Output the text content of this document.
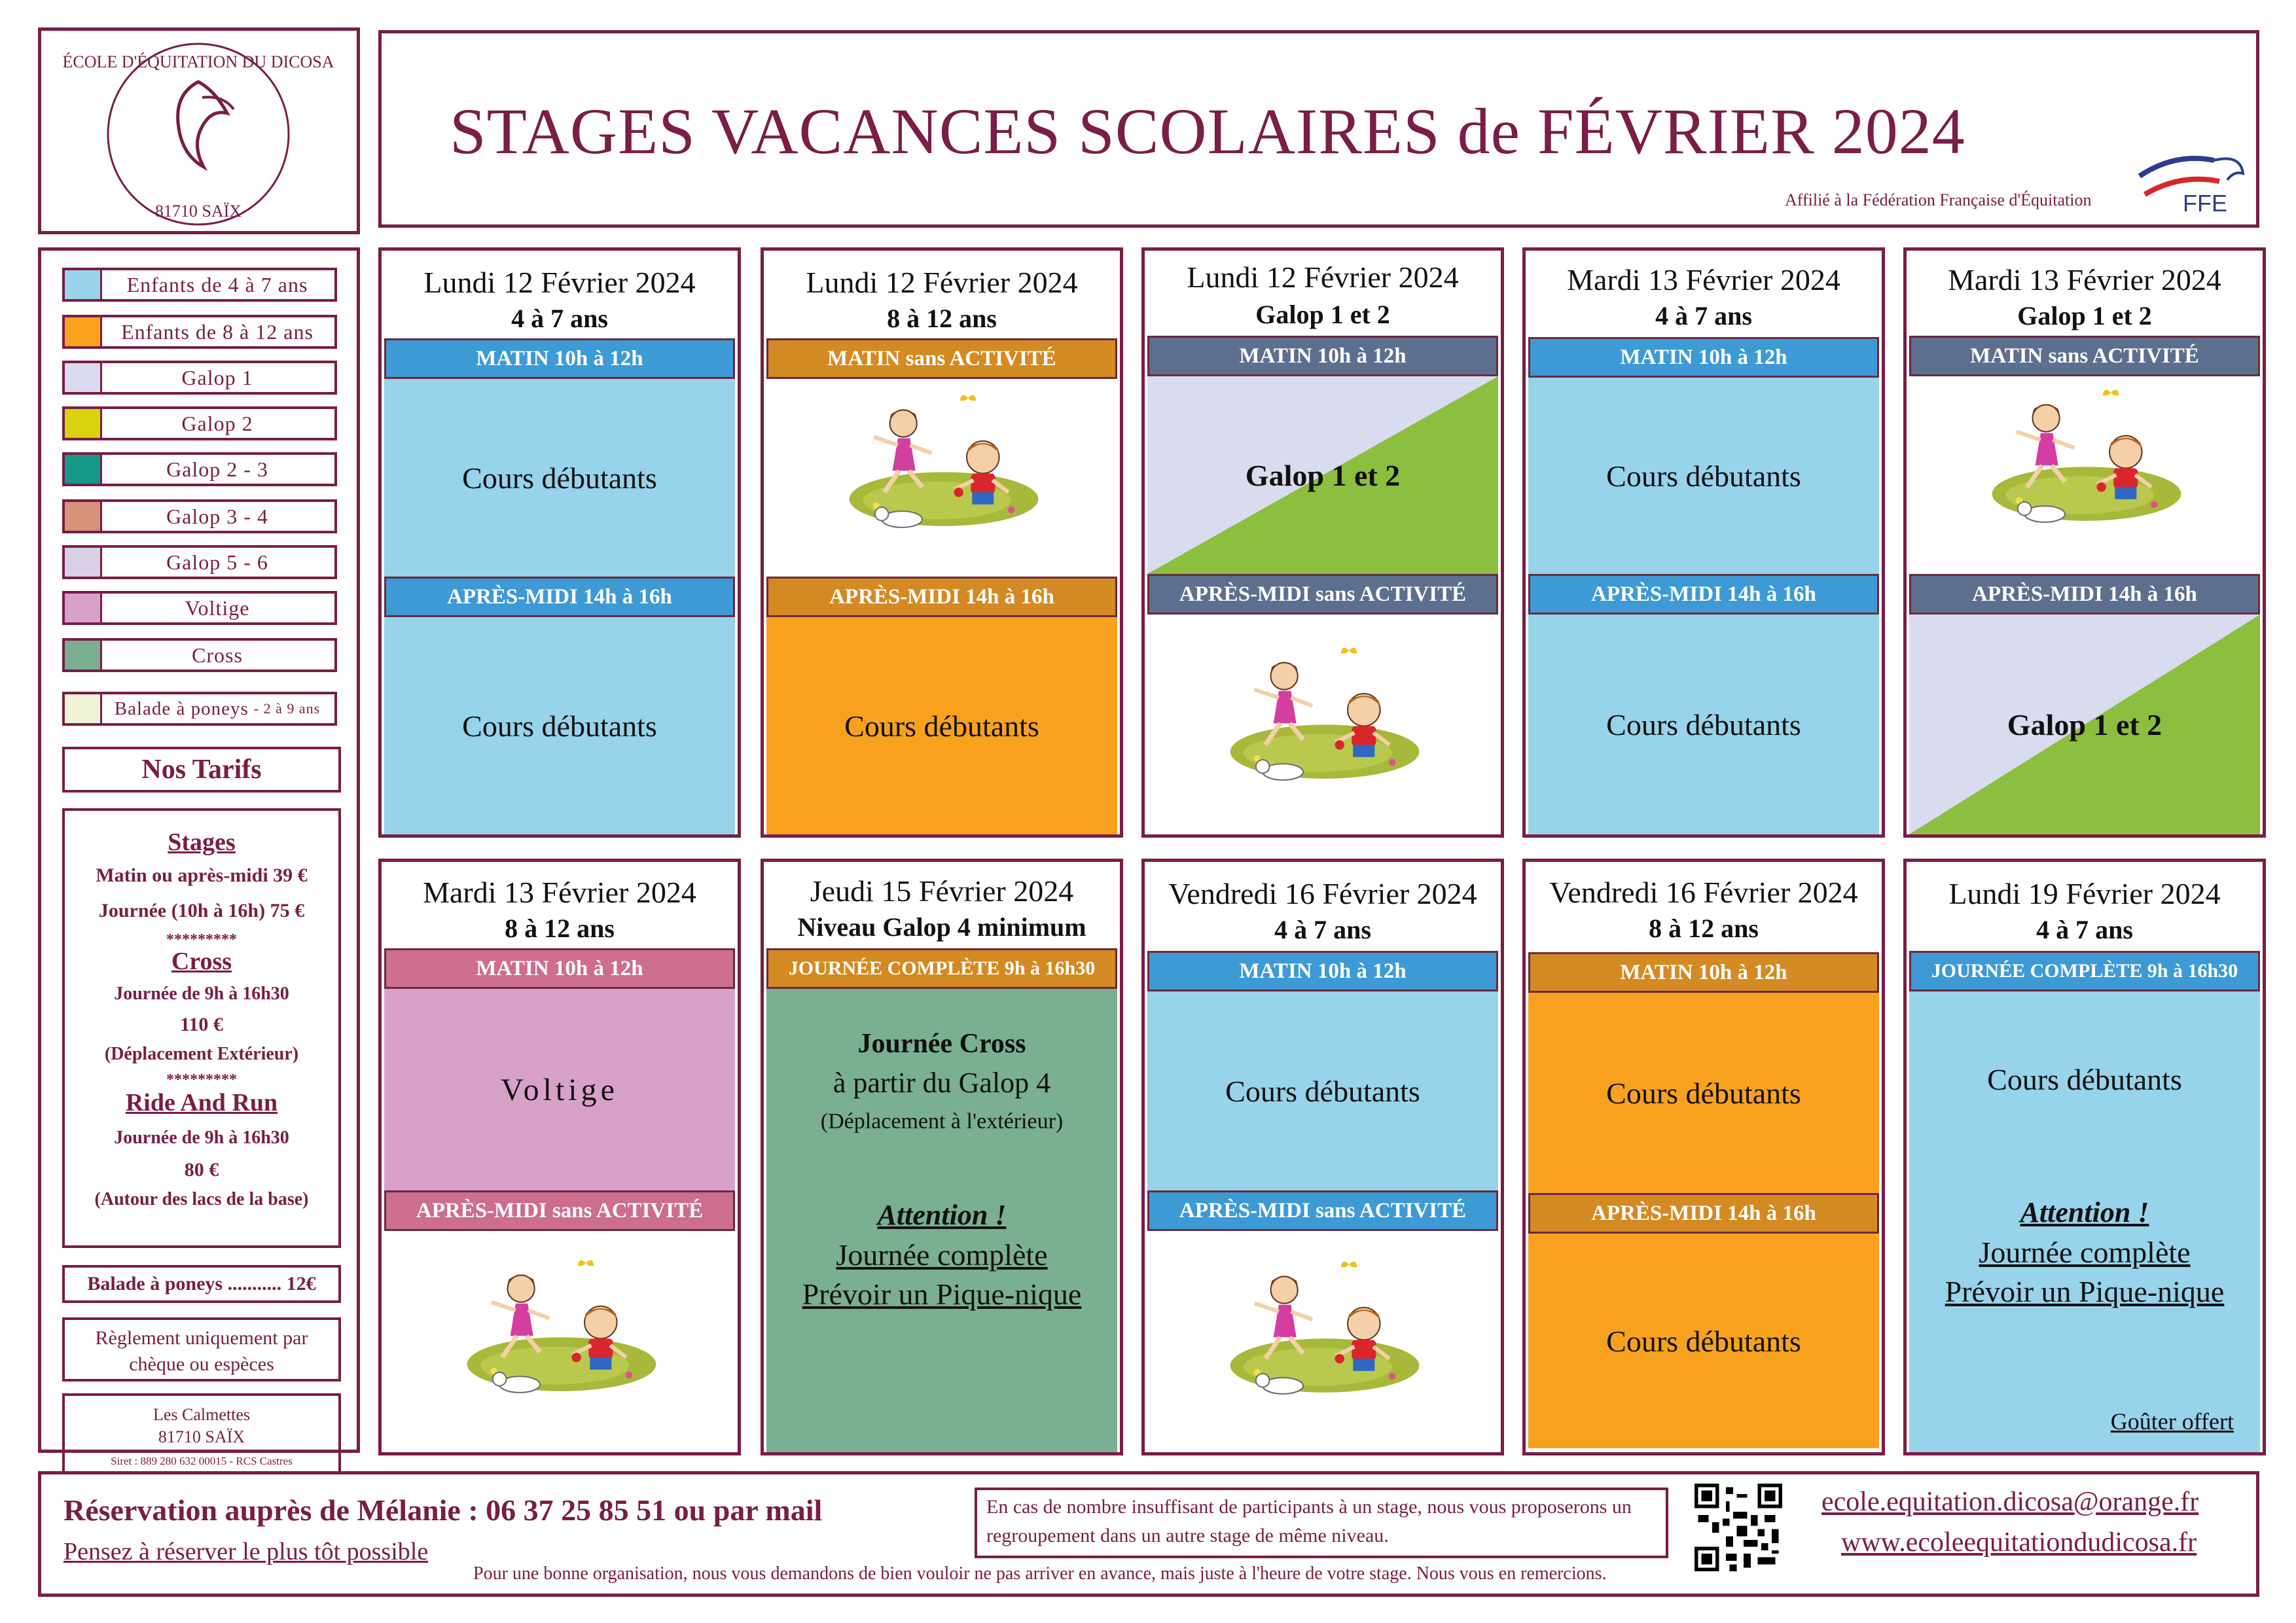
ÉCOLE D'ÉQUITATION DU DICOSA
81710 SAÏX
STAGES VACANCES SCOLAIRES de FÉVRIER 2024
Affilié à la Fédération Française d'Équitation	FFE
Enfants de 4 à 7 ans
Enfants de 8 à 12 ans
Galop 1
Galop 2
Galop 2 - 3
Galop 3 - 4
Galop 5 - 6
Voltige
Cross
Balade à poneys - 2 à 9 ans
Nos Tarifs
Stages
Matin ou après-midi 39 €
Journée (10h à 16h) 75 €
*********
Cross
Journée de 9h à 16h30
110 €
(Déplacement Extérieur)
*********
Ride And Run
Journée de 9h à 16h30
80 €
(Autour des lacs de la base)
Balade à poneys ........... 12€
Règlement uniquement par chèque ou espèces
Les Calmettes
81710 SAÏX
Siret : 889 280 632 00015 - RCS Castres
Lundi 12 Février 2024
4 à 7 ans
MATIN 10h à 12h
Cours débutants
APRÈS-MIDI 14h à 16h
Cours débutants
Lundi 12 Février 2024
8 à 12 ans
MATIN sans ACTIVITÉ
APRÈS-MIDI 14h à 16h
Cours débutants
Lundi 12 Février 2024
Galop 1 et 2
MATIN 10h à 12h
Galop 1 et 2
APRÈS-MIDI sans ACTIVITÉ
Mardi 13 Février 2024
4 à 7 ans
MATIN 10h à 12h
Cours débutants
APRÈS-MIDI 14h à 16h
Cours débutants
Mardi 13 Février 2024
Galop 1 et 2
MATIN sans ACTIVITÉ
APRÈS-MIDI 14h à 16h
Galop 1 et 2
Mardi 13 Février 2024
8 à 12 ans
MATIN 10h à 12h
Voltige
APRÈS-MIDI sans ACTIVITÉ
Jeudi 15 Février 2024
Niveau Galop 4 minimum
JOURNÉE COMPLÈTE 9h à 16h30
Journée Cross
à partir du Galop 4
(Déplacement à l'extérieur)
Attention !
Journée complète
Prévoir un Pique-nique
Vendredi 16 Février 2024
4 à 7 ans
MATIN 10h à 12h
Cours débutants
APRÈS-MIDI sans ACTIVITÉ
Vendredi 16 Février 2024
8 à 12 ans
MATIN 10h à 12h
Cours débutants
APRÈS-MIDI 14h à 16h
Cours débutants
Lundi 19 Février 2024
4 à 7 ans
JOURNÉE COMPLÈTE 9h à 16h30
Cours débutants
Attention !
Journée complète
Prévoir un Pique-nique
Goûter offert
Réservation auprès de Mélanie : 06 37 25 85 51 ou par mail
Pensez à réserver le plus tôt possible
En cas de nombre insuffisant de participants à un stage, nous vous proposerons un regroupement dans un autre stage de même niveau.
Pour une bonne organisation, nous vous demandons de bien vouloir ne pas arriver en avance, mais juste à l'heure de votre stage. Nous vous en remercions.
ecole.equitation.dicosa@orange.fr
www.ecoleequitationdudicosa.fr
